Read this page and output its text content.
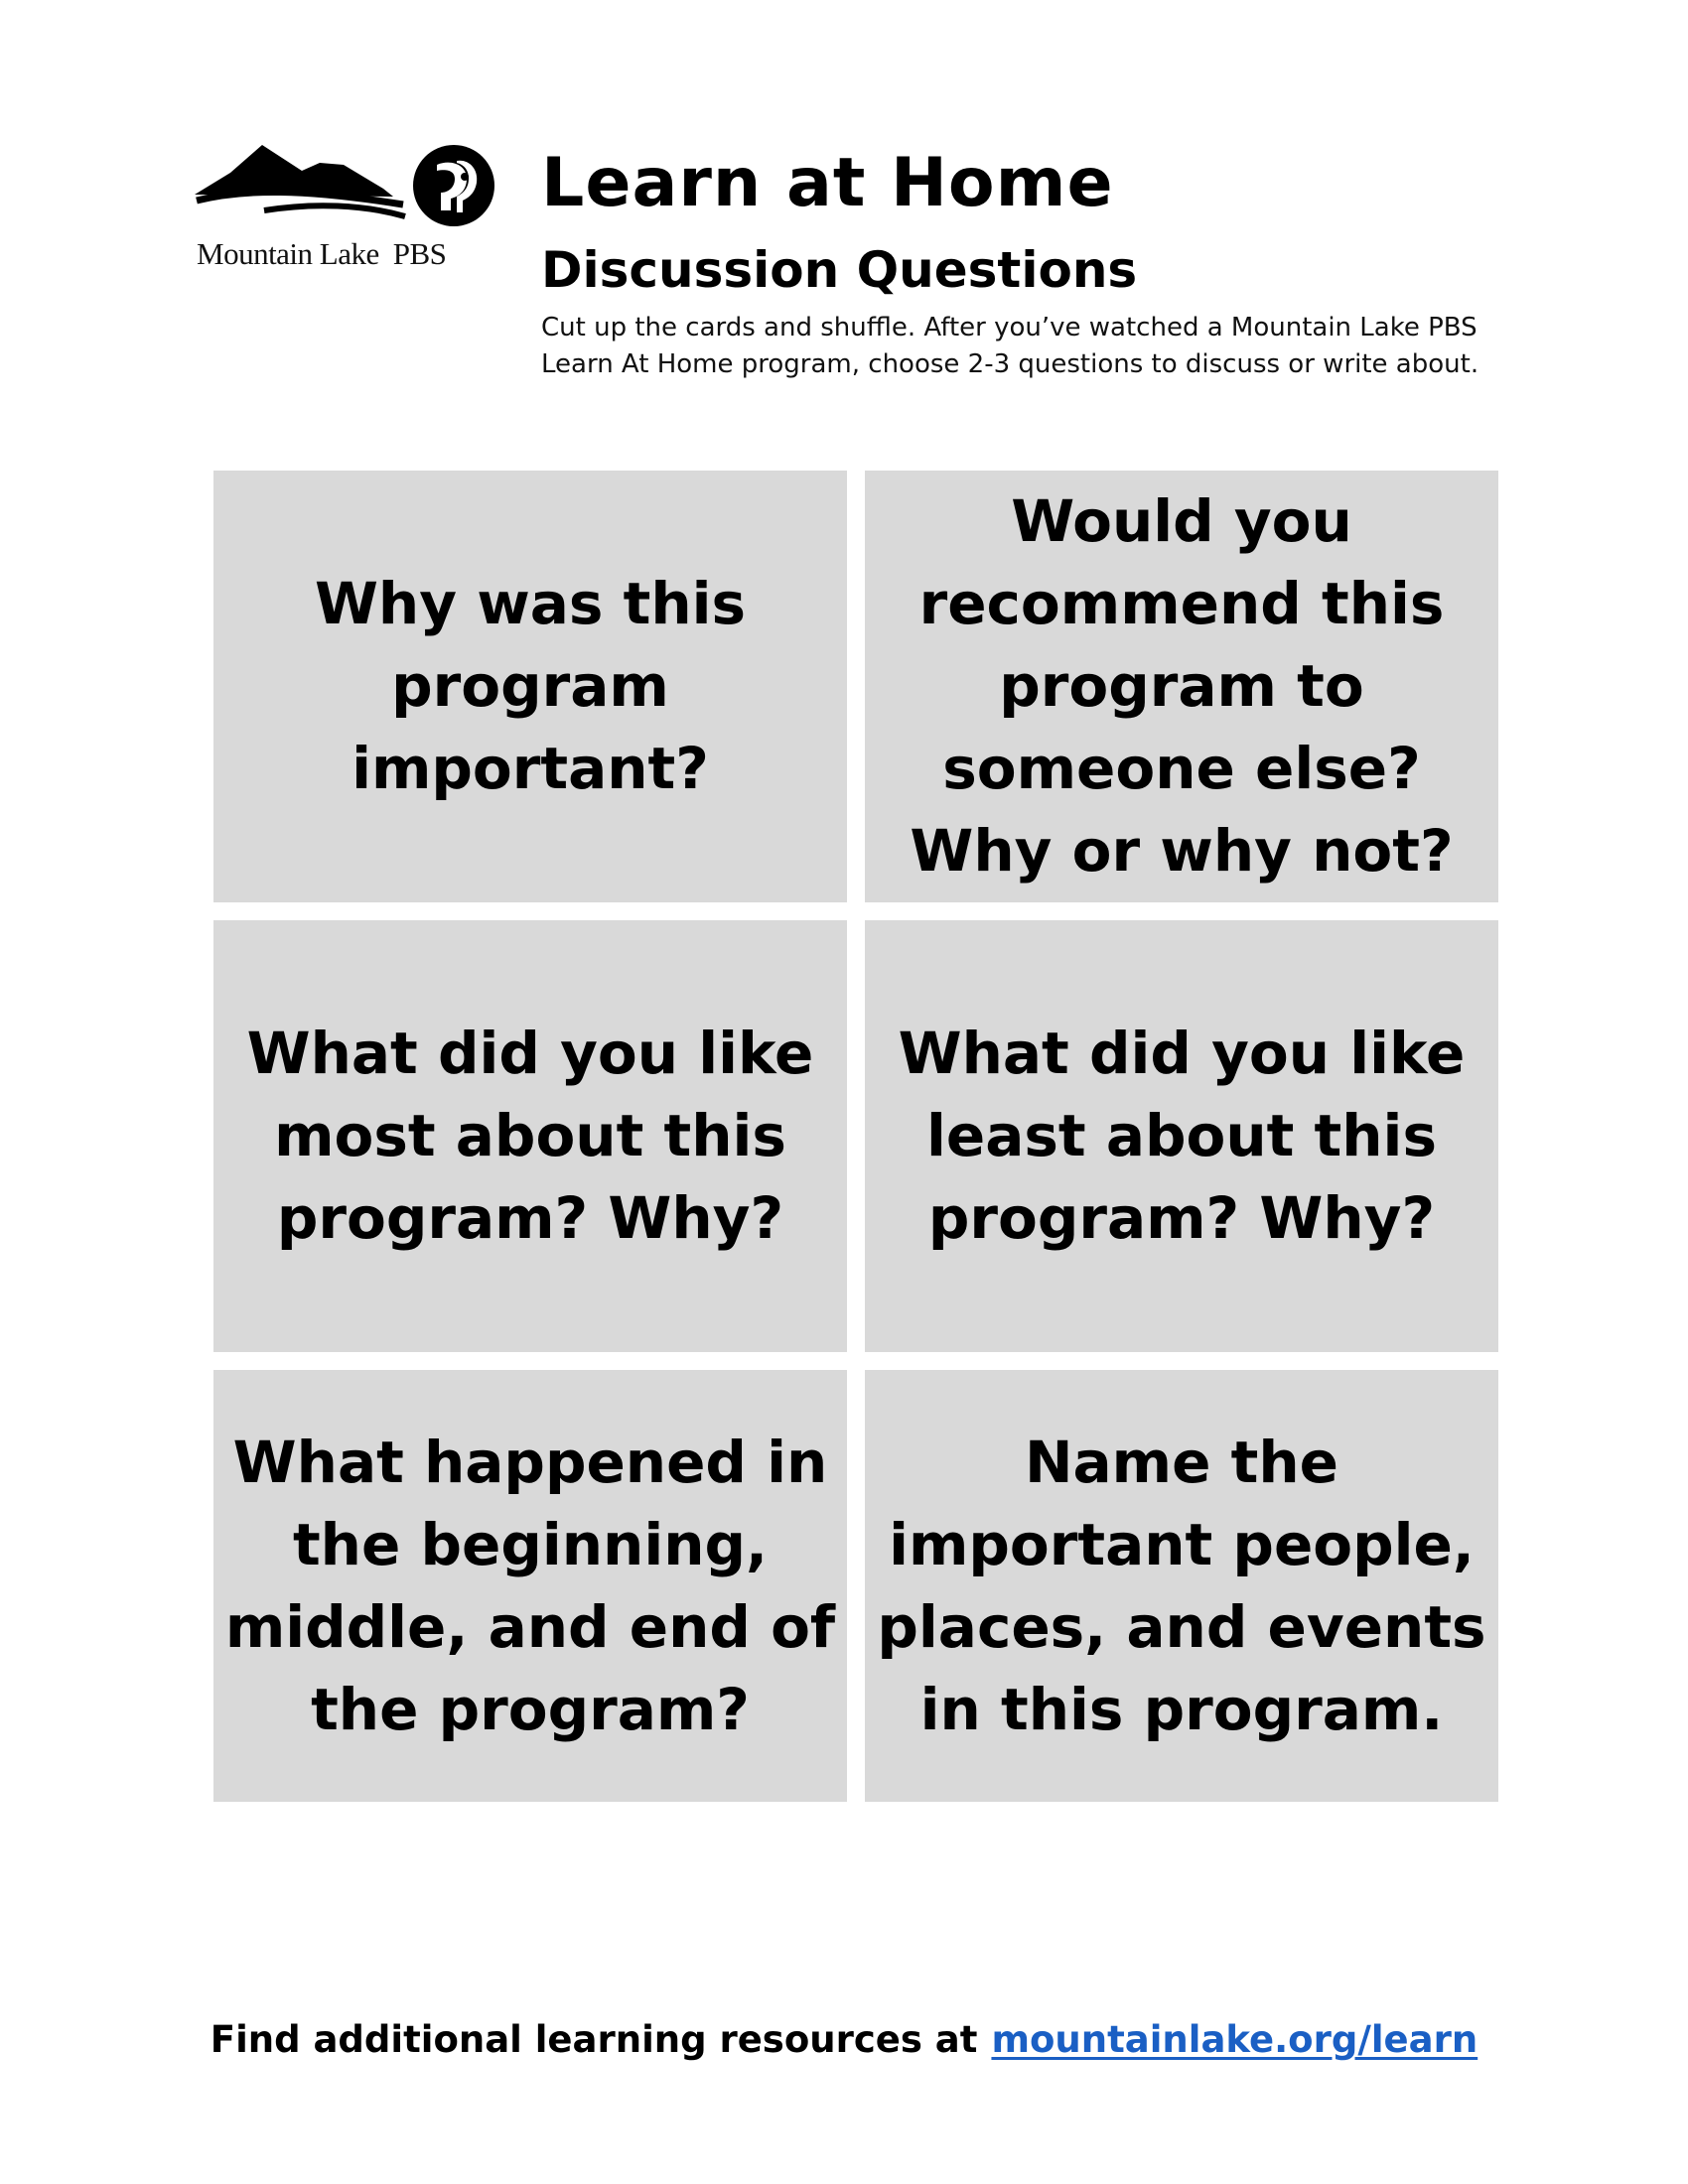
Mountain Lake PBS
Learn at Home
Discussion Questions

Cut up the cards and shuffle. After you’ve watched a Mountain Lake PBS Learn At Home program, choose 2-3 questions to discuss or write about.

Why was this
program
important?
Would you
recommend this
program to
someone else?
Why or why not?
What did you like
most about this
program? Why?
What did you like
least about this
program? Why?
What happened in
the beginning,
middle, and end of
the program?
Name the
important people,
places, and events
in this program.
Find additional learning resources at mountainlake.org/learn
